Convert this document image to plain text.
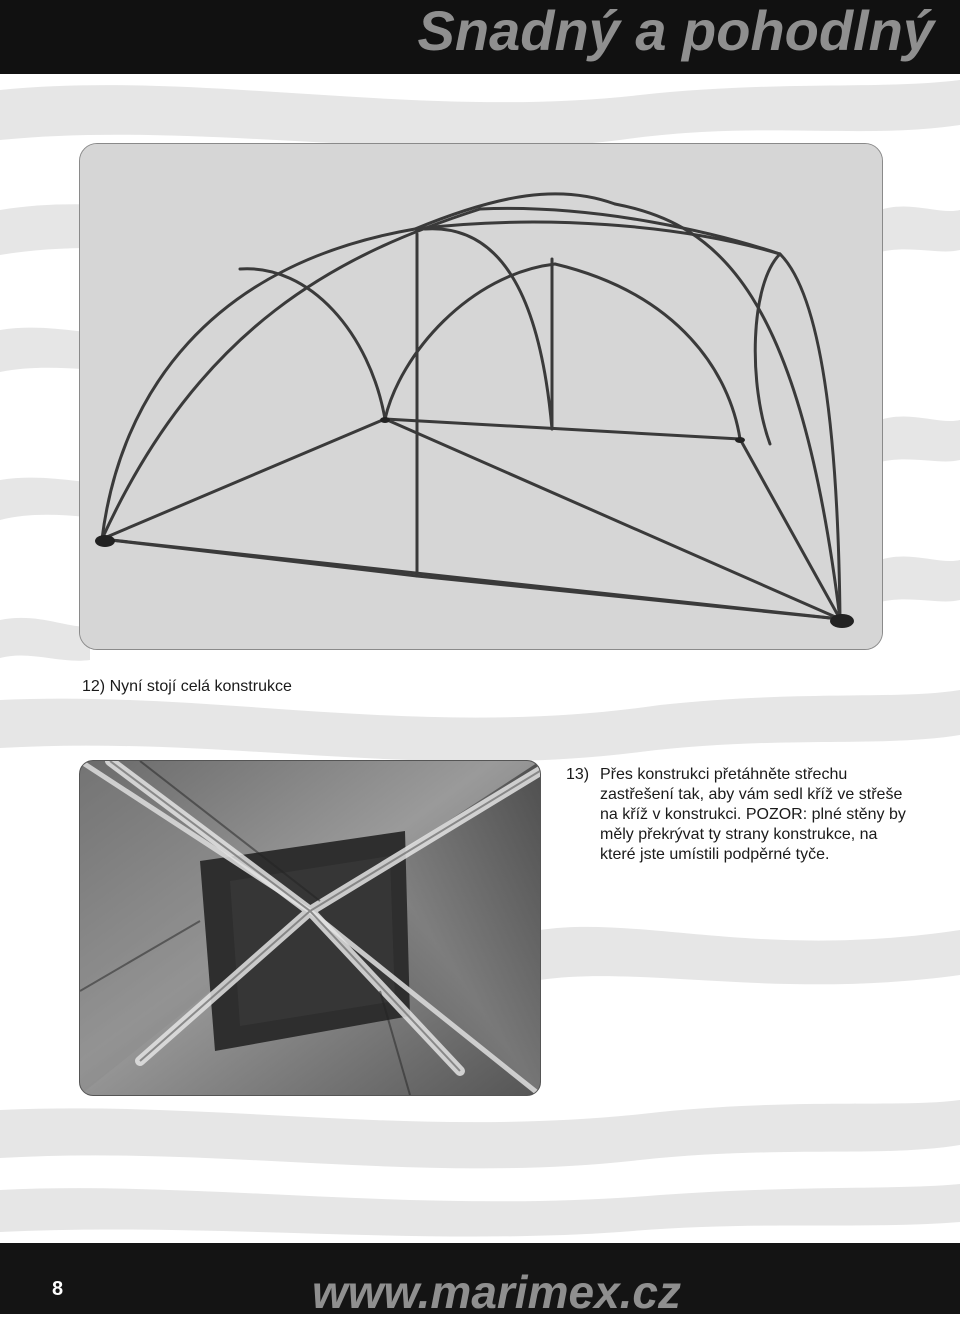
Snadný a pohodlný

12) Nyní stojí celá konstrukce

13) Přes konstrukci přetáhněte střechu zastřešení tak, aby vám sedl kříž ve střeše na kříž v konstrukci. POZOR: plné stěny by měly překrývat ty strany konstrukce, na které jste umístili podpěrné tyče.

8	www.marimex.cz
